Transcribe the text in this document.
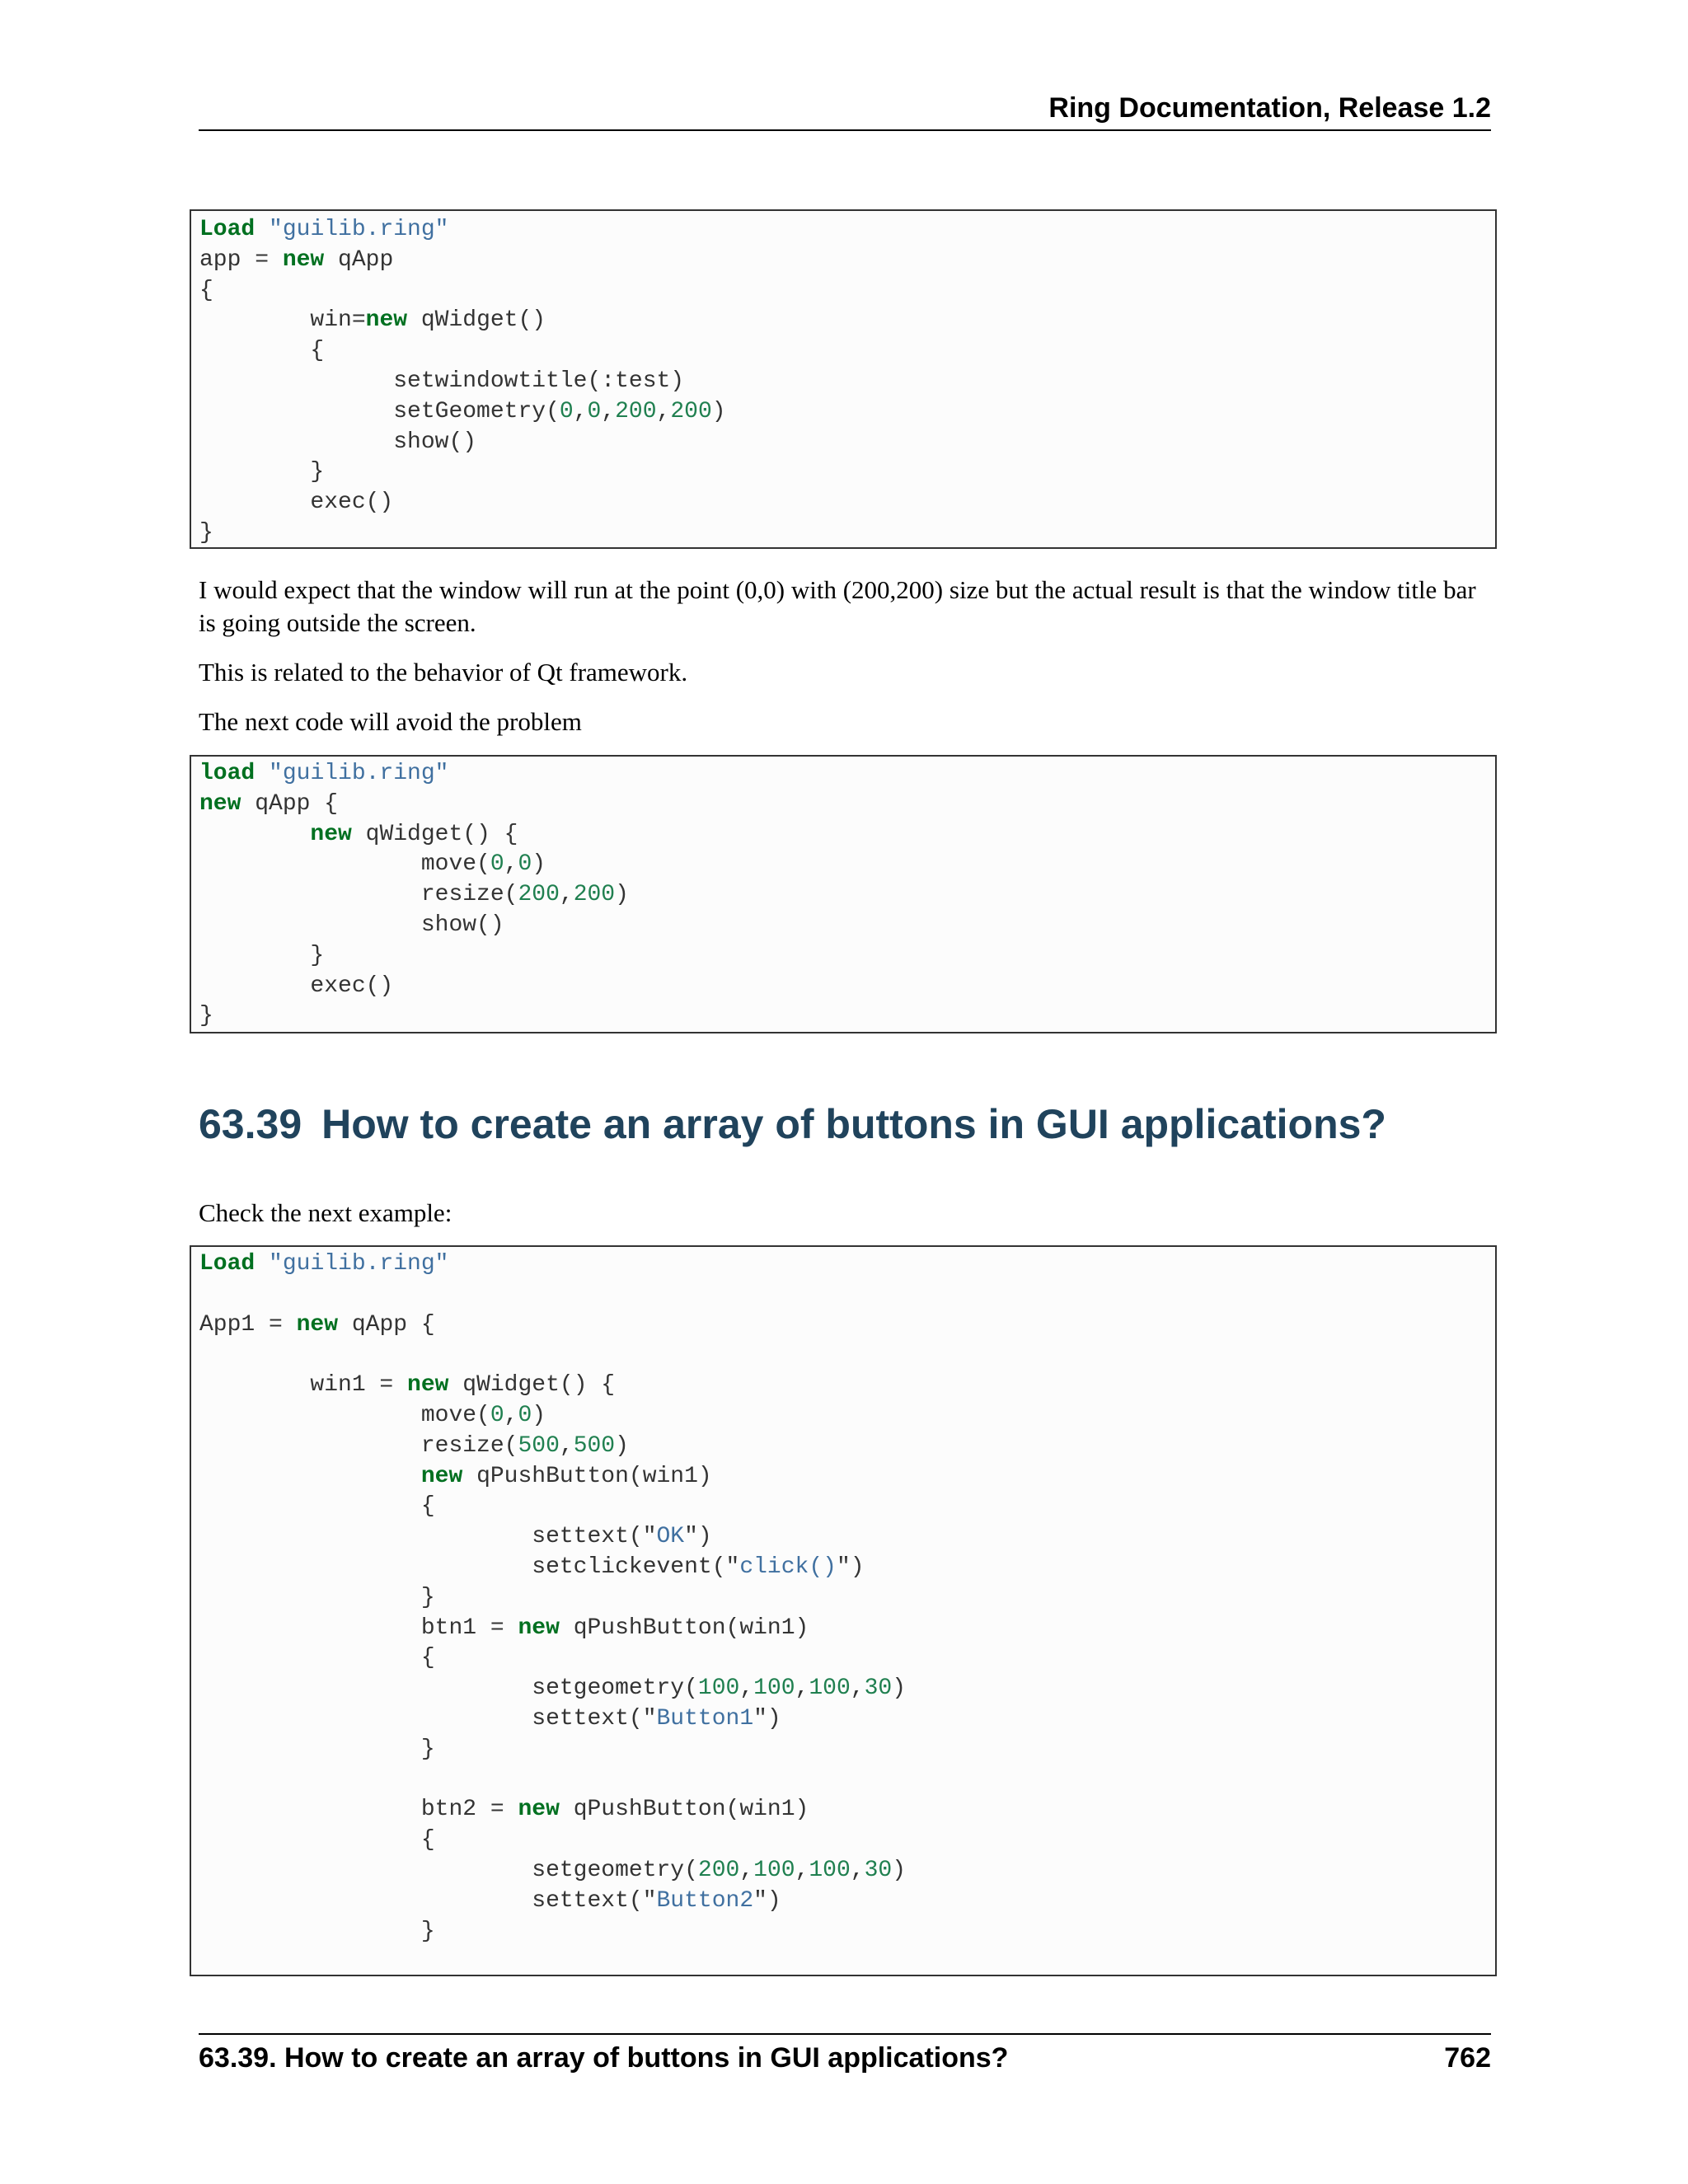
Ring Documentation, Release 1.2
Load "guilib.ring"
app = new qApp
{
	win=new qWidget()
	{
	setwindowtitle(:test)
	setGeometry(0,0,200,200)
	show()
	}
	exec()
}
I would expect that the window will run at the point (0,0) with (200,200) size but the actual result is that the window title bar is going outside the screen.
This is related to the behavior of Qt framework.
The next code will avoid the problem
load "guilib.ring"
new qApp {
	new qWidget() {
		move(0,0)
		resize(200,200)
		show()
	}
	exec()
}
63.39 How to create an array of buttons in GUI applications?
Check the next example:
Load "guilib.ring"
App1 = new qApp {
	win1 = new qWidget() {
		move(0,0)
		resize(500,500)
		new qPushButton(win1)
		{
			settext("OK")
			setclickevent("click()")
		}
		btn1 = new qPushButton(win1)
		{
			setgeometry(100,100,100,30)
			settext("Button1")
		}
		btn2 = new qPushButton(win1)
		{
			setgeometry(200,100,100,30)
			settext("Button2")
		}
63.39. How to create an array of buttons in GUI applications?	762
